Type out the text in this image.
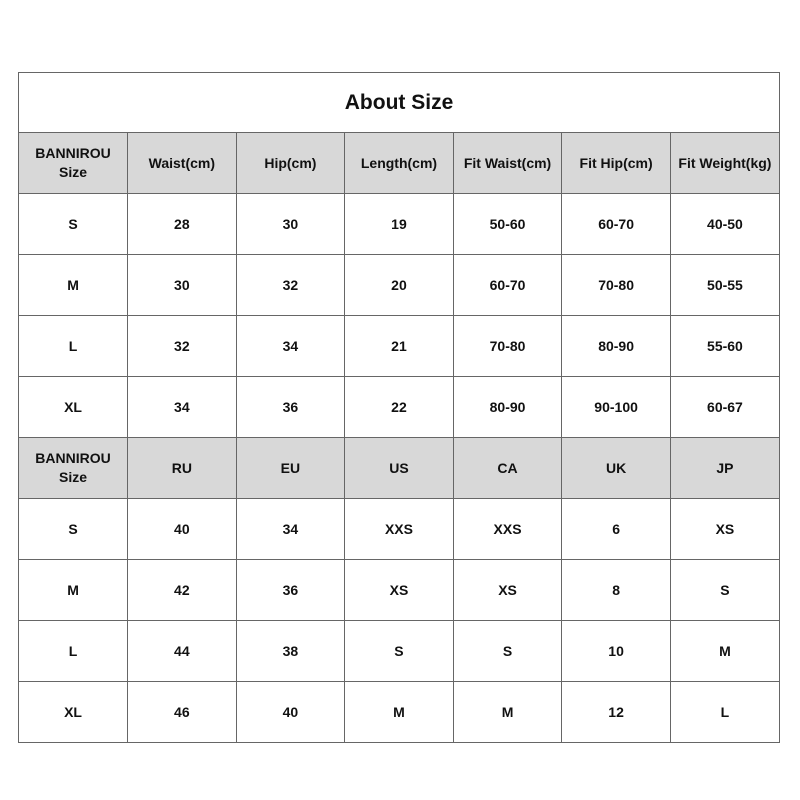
About Size
BANNIROU
Size	Waist(cm)	Hip(cm)	Length(cm)	Fit Waist(cm)	Fit Hip(cm)	Fit Weight(kg)
S	28	30	19	50-60	60-70	40-50
M	30	32	20	60-70	70-80	50-55
L	32	34	21	70-80	80-90	55-60
XL	34	36	22	80-90	90-100	60-67

BANNIROU
Size	RU	EU	US	CA	UK	JP
S	40	34	XXS	XXS	6	XS
M	42	36	XS	XS	8	S
L	44	38	S	S	10	M
XL	46	40	M	M	12	L
